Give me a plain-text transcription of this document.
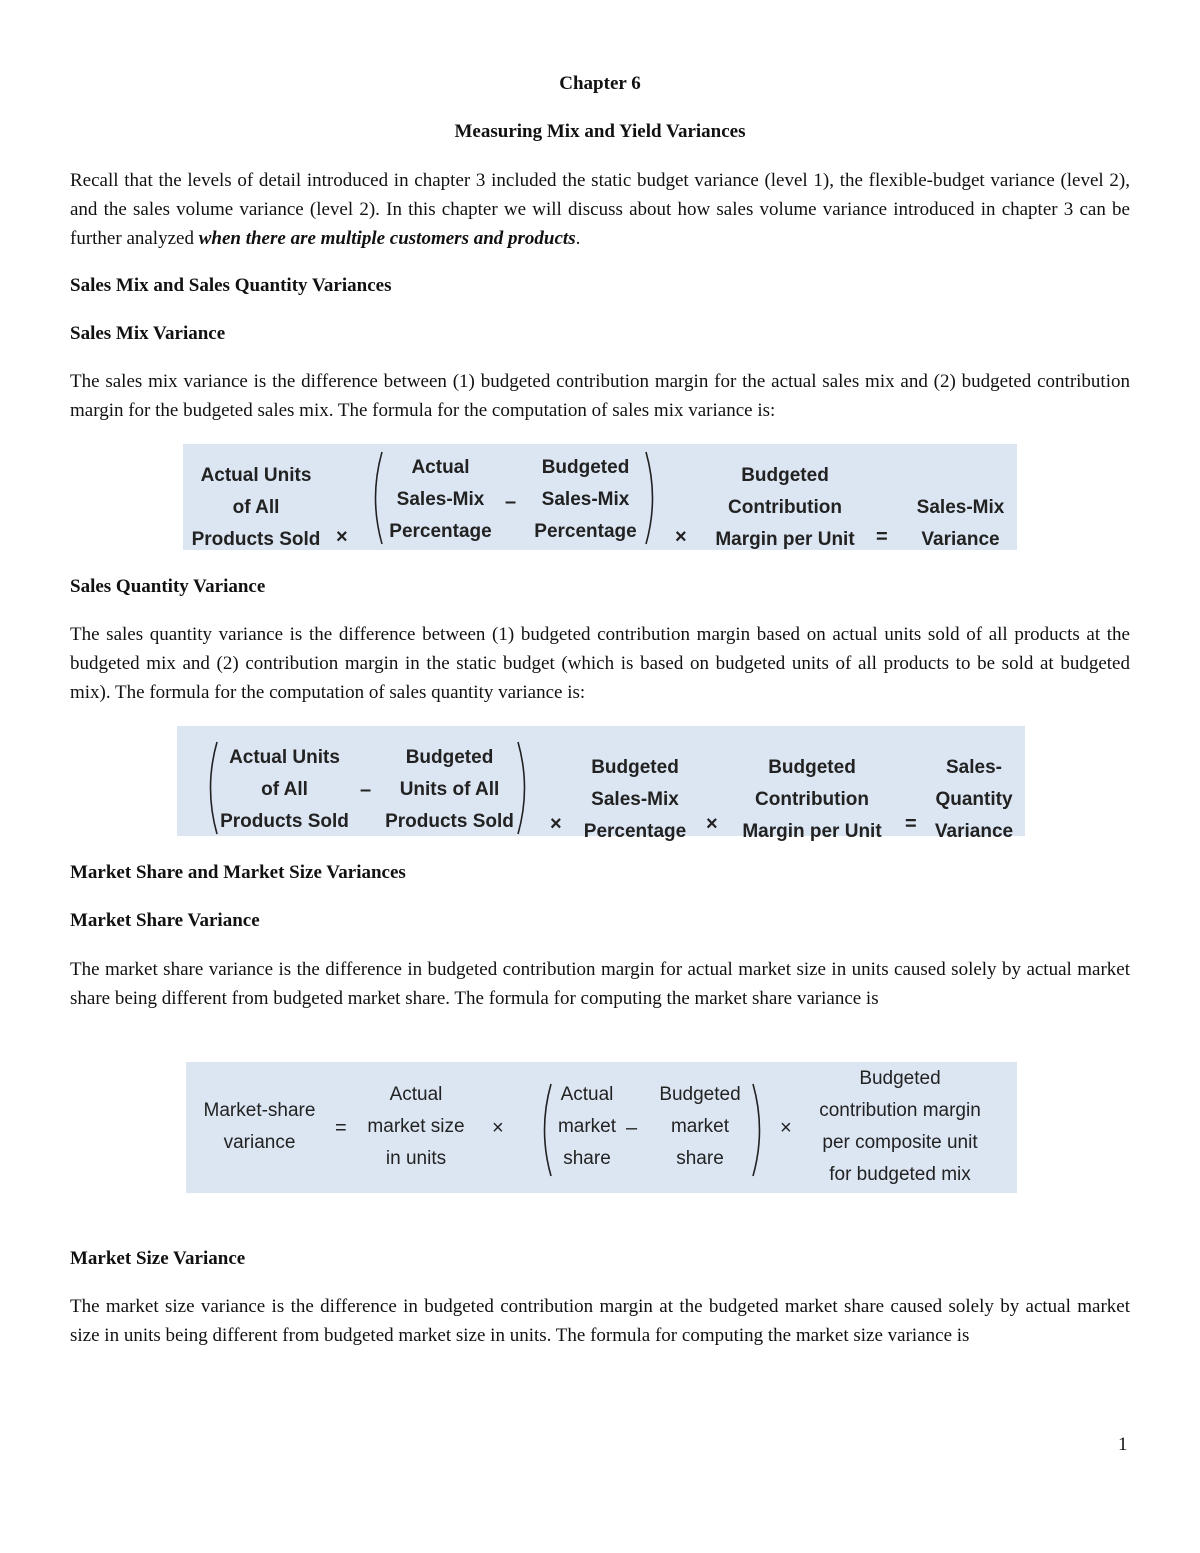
Chapter 6
Measuring Mix and Yield Variances

Recall that the levels of detail introduced in chapter 3 included the static budget variance (level 1), the flexible-budget variance (level 2), and the sales volume variance (level 2). In this chapter we will discuss about how sales volume variance introduced in chapter 3 can be further analyzed when there are multiple customers and products.

Sales Mix and Sales Quantity Variances
Sales Mix Variance

The sales mix variance is the difference between (1) budgeted contribution margin for the actual sales mix and (2) budgeted contribution margin for the budgeted sales mix. The formula for the computation of sales mix variance is:

Actual Units
of All
Products Sold ×
Actual
Sales-Mix
Percentage
–
Budgeted
Sales-Mix
Percentage	×
Budgeted
Contribution
Margin per Unit	=
Sales-Mix
Variance
Sales Quantity Variance

The sales quantity variance is the difference between (1) budgeted contribution margin based on actual units sold of all products at the budgeted mix and (2) contribution margin in the static budget (which is based on budgeted units of all products to be sold at budgeted mix). The formula for the computation of sales quantity variance is:

Actual Units
of All
Products Sold
–
Budgeted
Units of All
Products Sold ×
Budgeted
Sales-Mix
Percentage ×
Budgeted
Contribution
Margin per Unit	=
Sales-
Quantity
Variance
Market Share and Market Size Variances
Market Share Variance

The market share variance is the difference in budgeted contribution margin for actual market size in units caused solely by actual market share being different from budgeted market share. The formula for computing the market share variance is

Market-share
variance
=
Actual
market size
in units
×
Actual
market
share
–
Budgeted
market
share
×
Budgeted
contribution margin
per composite unit
for budgeted mix
Market Size Variance

The market size variance is the difference in budgeted contribution margin at the budgeted market share caused solely by actual market size in units being different from budgeted market size in units. The formula for computing the market size variance is

1
